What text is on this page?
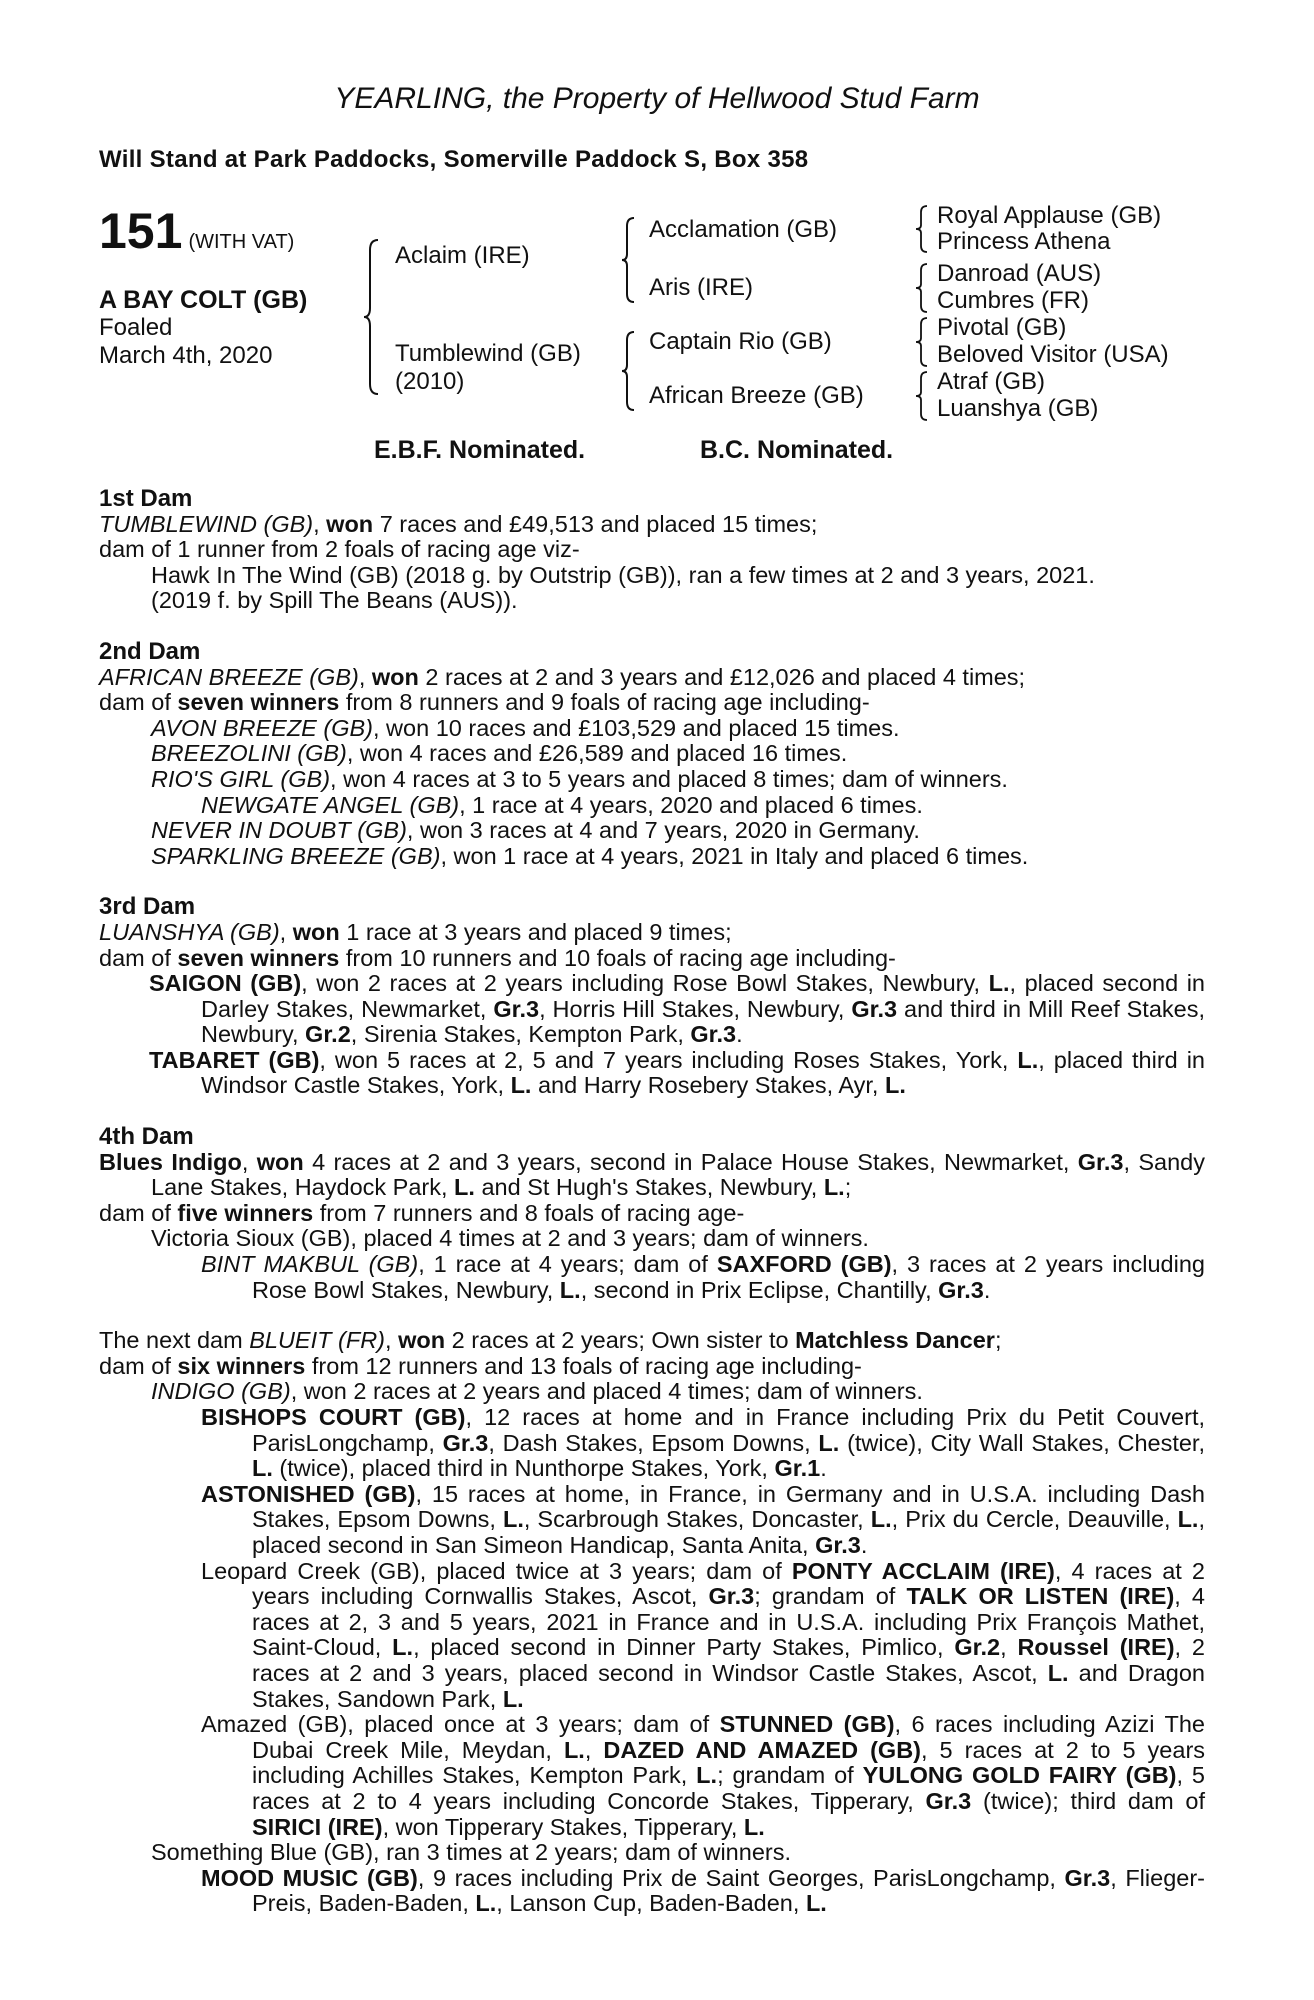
YEARLING, the Property of Hellwood Stud Farm
Will Stand at Park Paddocks, Somerville Paddock S, Box 358
151 (WITH VAT)
A BAY COLT (GB)
Foaled
March 4th, 2020
Aclaim (IRE)
Tumblewind (GB)
(2010)
Acclamation (GB)
Aris (IRE)
Captain Rio (GB)
African Breeze (GB)
Royal Applause (GB)
Princess Athena
Danroad (AUS)
Cumbres (FR)
Pivotal (GB)
Beloved Visitor (USA)
Atraf (GB)
Luanshya (GB)
E.B.F. Nominated.	B.C. Nominated.
1st Dam

TUMBLEWIND (GB), won 7 races and £49,513 and placed 15 times;

dam of 1 runner from 2 foals of racing age viz-

Hawk In The Wind (GB) (2018 g. by Outstrip (GB)), ran a few times at 2 and 3 years, 2021.

(2019 f. by Spill The Beans (AUS)).

2nd Dam

AFRICAN BREEZE (GB), won 2 races at 2 and 3 years and £12,026 and placed 4 times;

dam of seven winners from 8 runners and 9 foals of racing age including-

AVON BREEZE (GB), won 10 races and £103,529 and placed 15 times.

BREEZOLINI (GB), won 4 races and £26,589 and placed 16 times.

RIO'S GIRL (GB), won 4 races at 3 to 5 years and placed 8 times; dam of winners.

NEWGATE ANGEL (GB), 1 race at 4 years, 2020 and placed 6 times.

NEVER IN DOUBT (GB), won 3 races at 4 and 7 years, 2020 in Germany.

SPARKLING BREEZE (GB), won 1 race at 4 years, 2021 in Italy and placed 6 times.

3rd Dam

LUANSHYA (GB), won 1 race at 3 years and placed 9 times;

dam of seven winners from 10 runners and 10 foals of racing age including-

SAIGON (GB), won 2 races at 2 years including Rose Bowl Stakes, Newbury, L., placed second in Darley Stakes, Newmarket, Gr.3, Horris Hill Stakes, Newbury, Gr.3 and third in Mill Reef Stakes, Newbury, Gr.2, Sirenia Stakes, Kempton Park, Gr.3.

TABARET (GB), won 5 races at 2, 5 and 7 years including Roses Stakes, York, L., placed third in Windsor Castle Stakes, York, L. and Harry Rosebery Stakes, Ayr, L.

4th Dam

Blues Indigo, won 4 races at 2 and 3 years, second in Palace House Stakes, Newmarket, Gr.3, Sandy Lane Stakes, Haydock Park, L. and St Hugh's Stakes, Newbury, L.;

dam of five winners from 7 runners and 8 foals of racing age-

Victoria Sioux (GB), placed 4 times at 2 and 3 years; dam of winners.

BINT MAKBUL (GB), 1 race at 4 years; dam of SAXFORD (GB), 3 races at 2 years including Rose Bowl Stakes, Newbury, L., second in Prix Eclipse, Chantilly, Gr.3.

The next dam BLUEIT (FR), won 2 races at 2 years; Own sister to Matchless Dancer;

dam of six winners from 12 runners and 13 foals of racing age including-

INDIGO (GB), won 2 races at 2 years and placed 4 times; dam of winners.

BISHOPS COURT (GB), 12 races at home and in France including Prix du Petit Couvert, ParisLongchamp, Gr.3, Dash Stakes, Epsom Downs, L. (twice), City Wall Stakes, Chester, L. (twice), placed third in Nunthorpe Stakes, York, Gr.1.

ASTONISHED (GB), 15 races at home, in France, in Germany and in U.S.A. including Dash Stakes, Epsom Downs, L., Scarbrough Stakes, Doncaster, L., Prix du Cercle, Deauville, L., placed second in San Simeon Handicap, Santa Anita, Gr.3.

Leopard Creek (GB), placed twice at 3 years; dam of PONTY ACCLAIM (IRE), 4 races at 2 years including Cornwallis Stakes, Ascot, Gr.3; grandam of TALK OR LISTEN (IRE), 4 races at 2, 3 and 5 years, 2021 in France and in U.S.A. including Prix François Mathet, Saint-Cloud, L., placed second in Dinner Party Stakes, Pimlico, Gr.2, Roussel (IRE), 2 races at 2 and 3 years, placed second in Windsor Castle Stakes, Ascot, L. and Dragon Stakes, Sandown Park, L.

Amazed (GB), placed once at 3 years; dam of STUNNED (GB), 6 races including Azizi The Dubai Creek Mile, Meydan, L., DAZED AND AMAZED (GB), 5 races at 2 to 5 years including Achilles Stakes, Kempton Park, L.; grandam of YULONG GOLD FAIRY (GB), 5 races at 2 to 4 years including Concorde Stakes, Tipperary, Gr.3 (twice); third dam of SIRICI (IRE), won Tipperary Stakes, Tipperary, L.

Something Blue (GB), ran 3 times at 2 years; dam of winners.

MOOD MUSIC (GB), 9 races including Prix de Saint Georges, ParisLongchamp, Gr.3, Flieger-Preis, Baden-Baden, L., Lanson Cup, Baden-Baden, L.
